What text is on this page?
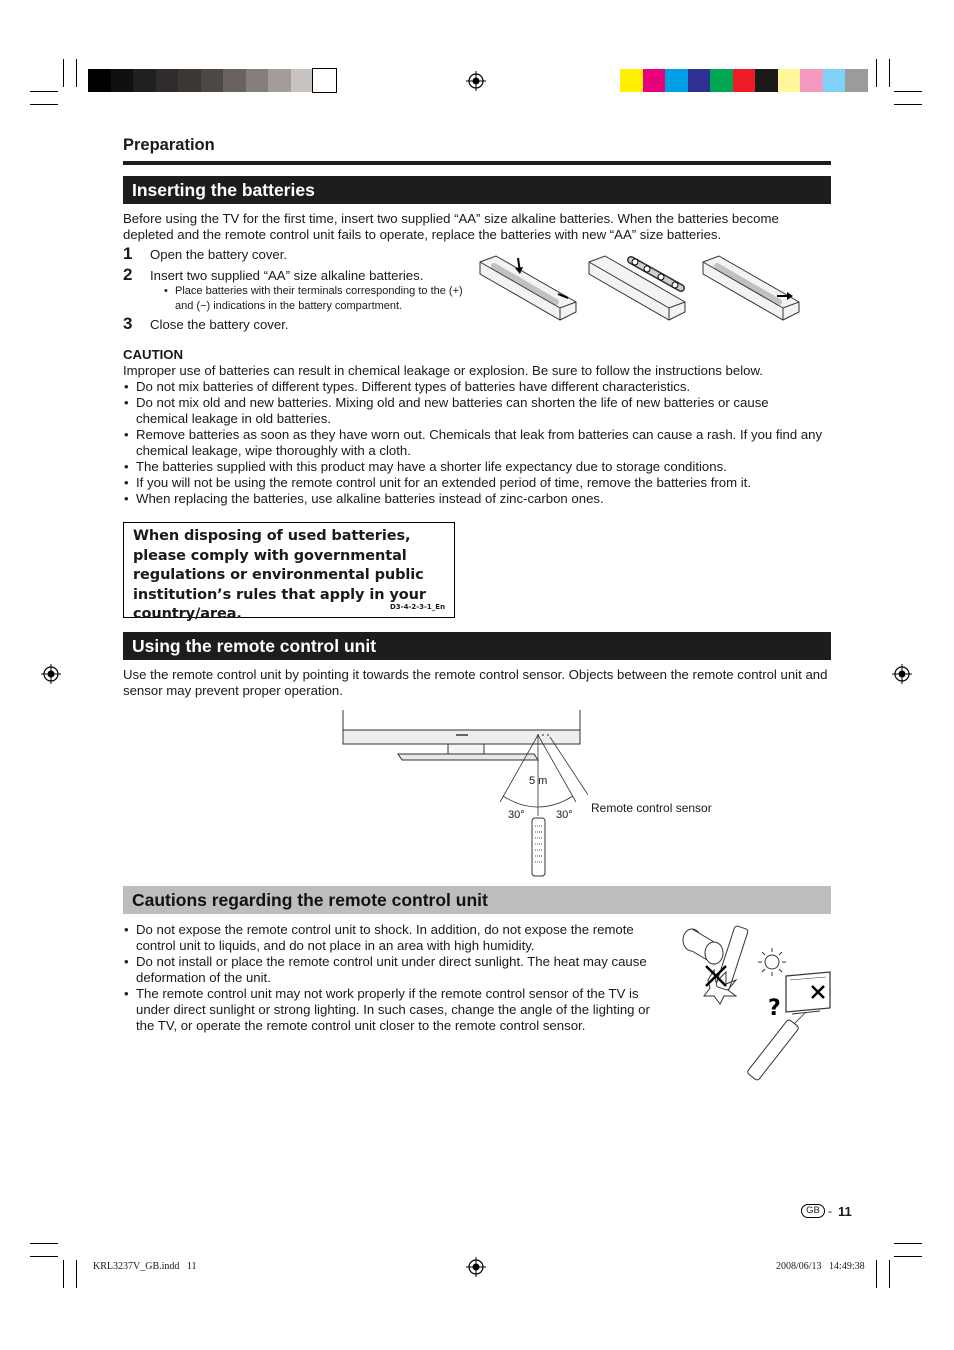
Preparation
Inserting the batteries
Before using the TV for the first time, insert two supplied “AA” size alkaline batteries. When the batteries become depleted and the remote control unit fails to operate, replace the batteries with new “AA” size batteries.
1 Open the battery cover.
2 Insert two supplied “AA” size alkaline batteries.
• Place batteries with their terminals corresponding to the (+) and (−) indications in the battery compartment.
3 Close the battery cover.
CAUTION
Improper use of batteries can result in chemical leakage or explosion. Be sure to follow the instructions below.
• Do not mix batteries of different types. Different types of batteries have different characteristics.
• Do not mix old and new batteries. Mixing old and new batteries can shorten the life of new batteries or cause chemical leakage in old batteries.
• Remove batteries as soon as they have worn out. Chemicals that leak from batteries can cause a rash. If you find any chemical leakage, wipe thoroughly with a cloth.
• The batteries supplied with this product may have a shorter life expectancy due to storage conditions.
• If you will not be using the remote control unit for an extended period of time, remove the batteries from it.
• When replacing the batteries, use alkaline batteries instead of zinc-carbon ones.
When disposing of used batteries, please comply with governmental regulations or environmental public institution’s rules that apply in your country/area.	D3-4-2-3-1_En
Using the remote control unit
Use the remote control unit by pointing it towards the remote control sensor. Objects between the remote control unit and sensor may prevent proper operation.
5 m
30°	30° Remote control sensor
Cautions regarding the remote control unit
• Do not expose the remote control unit to shock. In addition, do not expose the remote control unit to liquids, and do not place in an area with high humidity.
• Do not install or place the remote control unit under direct sunlight. The heat may cause deformation of the unit.
• The remote control unit may not work properly if the remote control sensor of the TV is under direct sunlight or strong lighting. In such cases, change the angle of the lighting or the TV, or operate the remote control unit closer to the remote control sensor.
?
GB - 11
KRL3237V_GB.indd   11	2008/06/13   14:49:38
